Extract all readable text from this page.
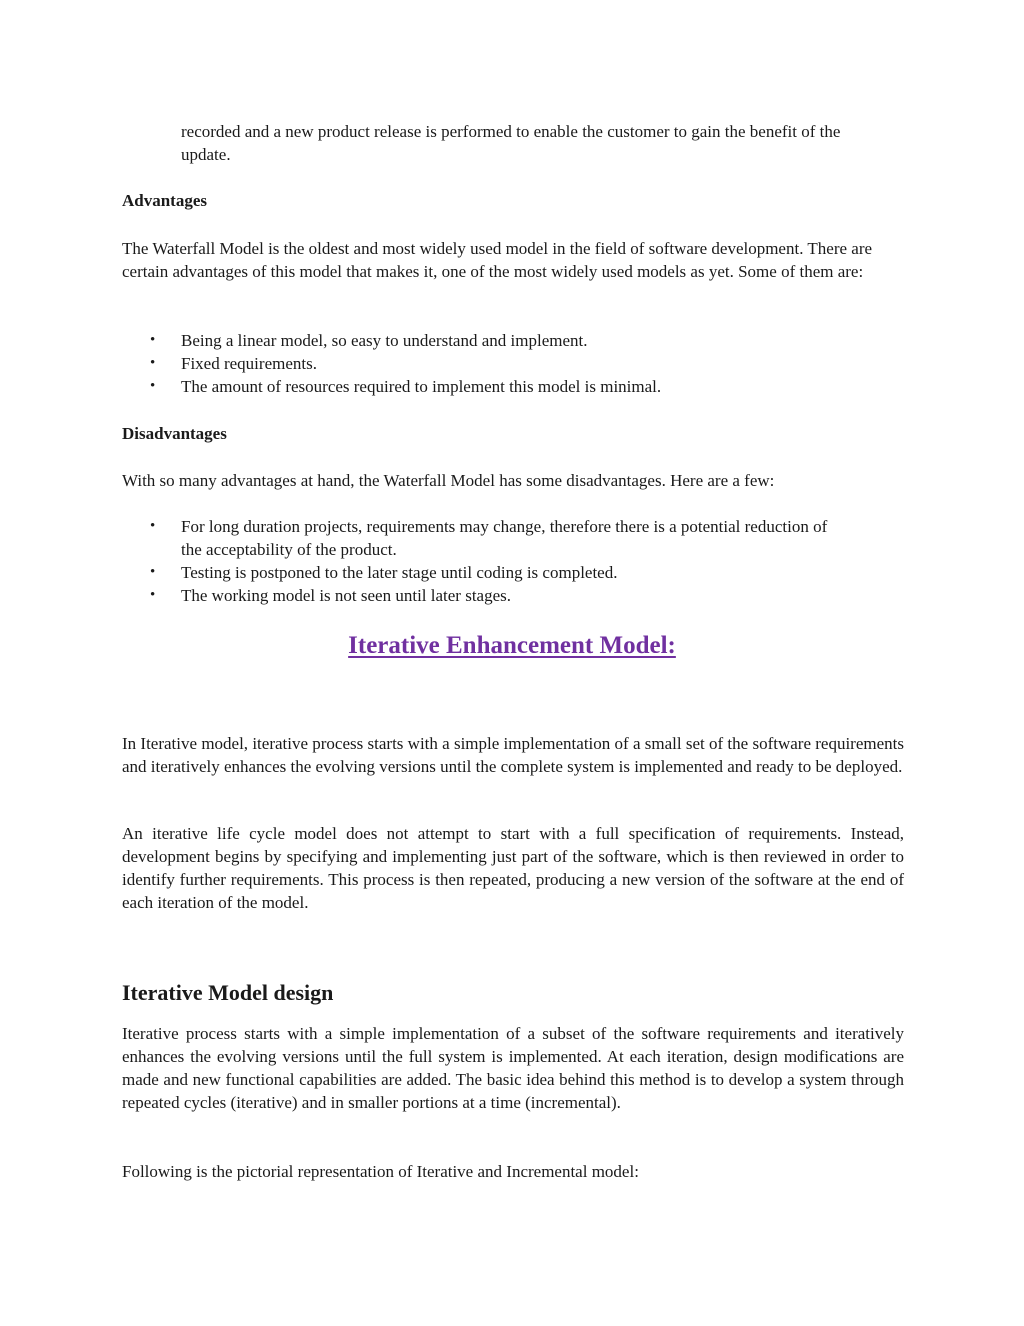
recorded and a new product release is performed to enable the customer to gain the benefit of the update.

Advantages

The Waterfall Model is the oldest and most widely used model in the field of software development. There are certain advantages of this model that makes it, one of the most widely used models as yet. Some of them are:

• Being a linear model, so easy to understand and implement.
• Fixed requirements.
• The amount of resources required to implement this model is minimal.

Disadvantages

With so many advantages at hand, the Waterfall Model has some disadvantages. Here are a few:

• For long duration projects, requirements may change, therefore there is a potential reduction of the acceptability of the product.
• Testing is postponed to the later stage until coding is completed.
• The working model is not seen until later stages.
Iterative Enhancement Model:

In Iterative model, iterative process starts with a simple implementation of a small set of the software requirements and iteratively enhances the evolving versions until the complete system is implemented and ready to be deployed.

An iterative life cycle model does not attempt to start with a full specification of requirements. Instead, development begins by specifying and implementing just part of the software, which is then reviewed in order to identify further requirements. This process is then repeated, producing a new version of the software at the end of each iteration of the model.

Iterative Model design

Iterative process starts with a simple implementation of a subset of the software requirements and iteratively enhances the evolving versions until the full system is implemented. At each iteration, design modifications are made and new functional capabilities are added. The basic idea behind this method is to develop a system through repeated cycles (iterative) and in smaller portions at a time (incremental).

Following is the pictorial representation of Iterative and Incremental model:
